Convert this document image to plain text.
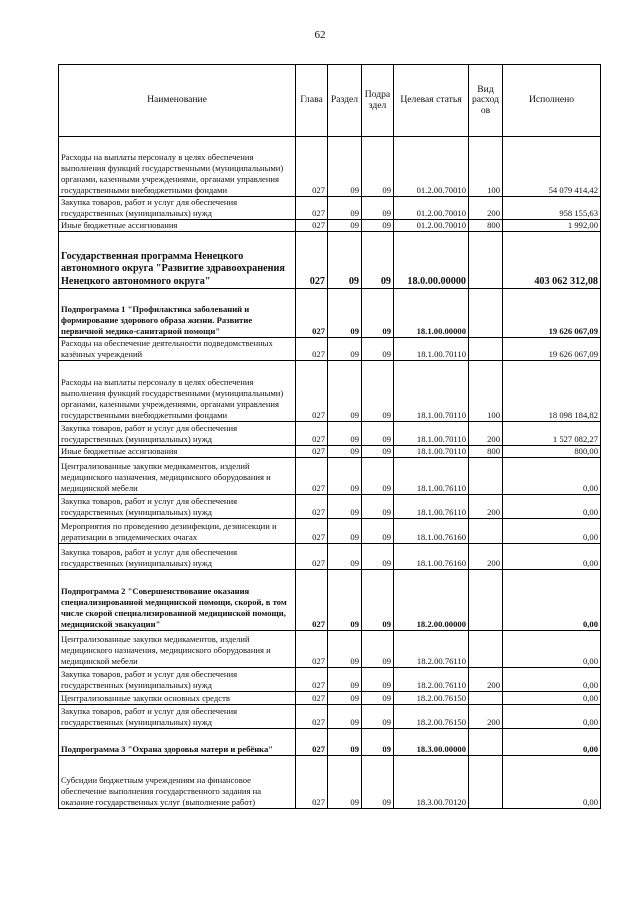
62
Наименование	Глава	Раздел	Подра здел	Целевая статья	Вид расход ов	Исполнено
Расходы на выплаты персоналу в целях обеспечения выполнения функций государственными (муниципальными) органами, казенными учреждениями, органами управления государственными внебюджетными фондами	027	09	09	01.2.00.70010	100	54 079 414,42
Закупка товаров, работ и услуг для обеспечения государственных (муниципальных) нужд	027	09	09	01.2.00.70010	200	958 155,63
Иные бюджетные ассигнования	027	09	09	01.2.00.70010	800	1 992,00
Государственная программа Ненецкого автономного округа "Развитие здравоохранения Ненецкого автономного округа"	027	09	09	18.0.00.00000		403 062 312,08
Подпрограмма 1 "Профилактика заболеваний и формирование здорового образа жизни. Развитие первичной медико-санитарной помощи"	027	09	09	18.1.00.00000		19 626 067,09
Расходы на обеспечение деятельности подведомственных казённых учреждений	027	09	09	18.1.00.70110		19 626 067,09
Расходы на выплаты персоналу в целях обеспечения выполнения функций государственными (муниципальными) органами, казенными учреждениями, органами управления государственными внебюджетными фондами	027	09	09	18.1.00.70110	100	18 098 184,82
Закупка товаров, работ и услуг для обеспечения государственных (муниципальных) нужд	027	09	09	18.1.00.70110	200	1 527 082,27
Иные бюджетные ассигнования	027	09	09	18.1.00.70110	800	800,00
Централизованные закупки медикаментов, изделий медицинского назначения, медицинского оборудования и медицинской мебели	027	09	09	18.1.00.76110		0,00
Закупка товаров, работ и услуг для обеспечения государственных (муниципальных) нужд	027	09	09	18.1.00.76110	200	0,00
Мероприятия по проведению дезинфекции, дезинсекции и дератизации в эпидемических очагах	027	09	09	18.1.00.76160		0,00
Закупка товаров, работ и услуг для обеспечения государственных (муниципальных) нужд	027	09	09	18.1.00.76160	200	0,00
Подпрограмма 2 "Совершенствование оказания специализированной медицинской помощи, скорой, в том числе скорой специализированной медицинской помощи, медицинской эвакуации"	027	09	09	18.2.00.00000		0,00
Централизованные закупки медикаментов, изделий медицинского назначения, медицинского оборудования и медицинской мебели	027	09	09	18.2.00.76110		0,00
Закупка товаров, работ и услуг для обеспечения государственных (муниципальных) нужд	027	09	09	18.2.00.76110	200	0,00
Централизованные закупки основных средств	027	09	09	18.2.00.76150		0,00
Закупка товаров, работ и услуг для обеспечения государственных (муниципальных) нужд	027	09	09	18.2.00.76150	200	0,00
Подпрограмма 3 "Охрана здоровья матери и ребёнка"	027	09	09	18.3.00.00000		0,00
Субсидии бюджетным учреждениям на финансовое обеспечение выполнения государственного задания на оказание государственных услуг (выполнение работ)	027	09	09	18.3.00.70120		0,00
